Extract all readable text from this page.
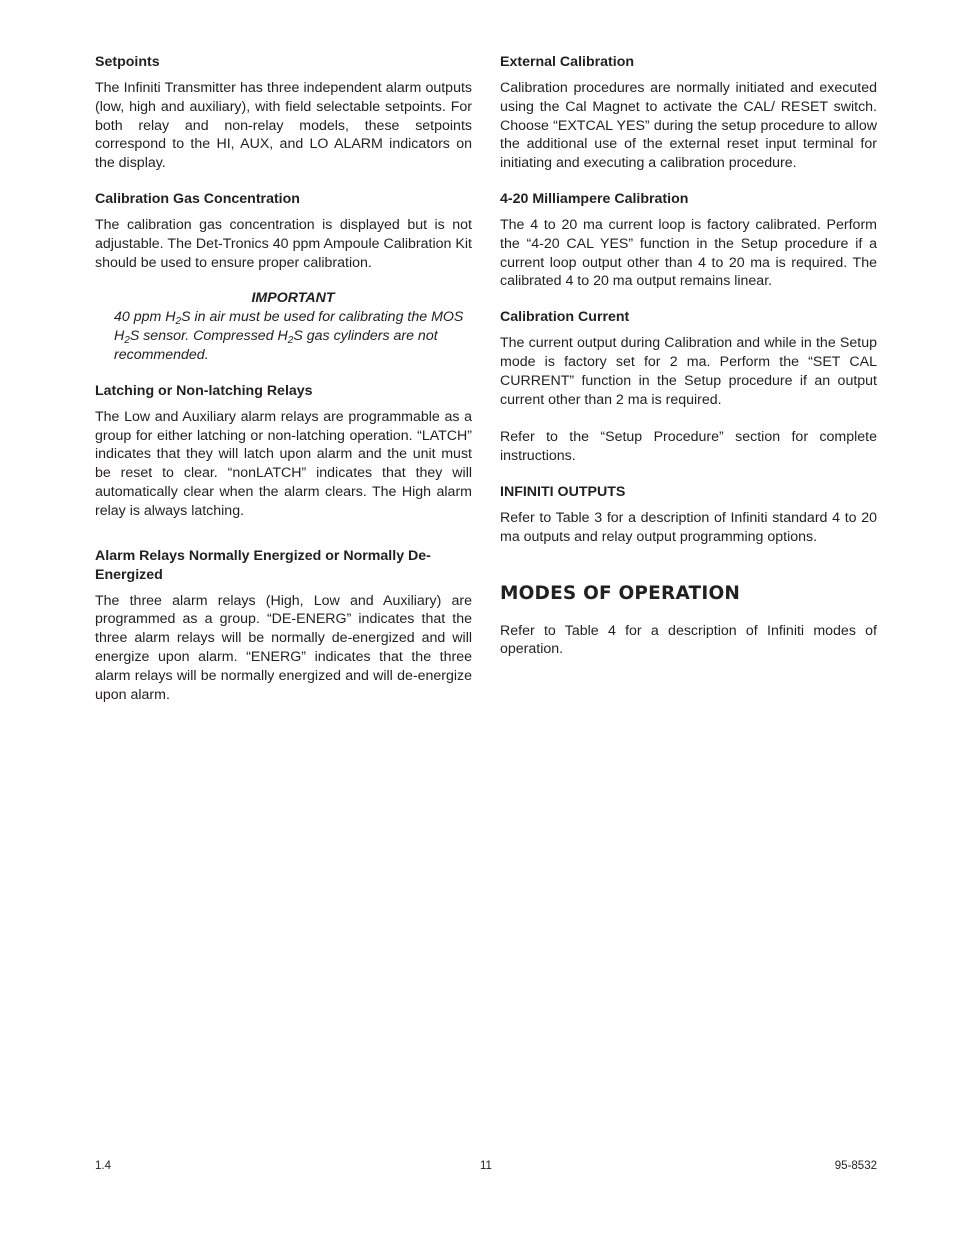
Setpoints

The Infiniti Transmitter has three independent alarm outputs (low, high and auxiliary), with field selectable setpoints. For both relay and non-relay models, these setpoints correspond to the HI, AUX, and LO ALARM indicators on the display.

Calibration Gas Concentration

The calibration gas concentration is displayed but is not adjustable. The Det-Tronics 40 ppm Ampoule Calibration Kit should be used to ensure proper calibration.

IMPORTANT

40 ppm $H_2S$ in air must be used for calibrating the MOS $H_2S$ sensor. Compressed $H_2S$ gas cylinders are not recommended.

Latching or Non-latching Relays

The Low and Auxiliary alarm relays are programmable as a group for either latching or non-latching operation. “LATCH” indicates that they will latch upon alarm and the unit must be reset to clear. “nonLATCH” indicates that they will automatically clear when the alarm clears. The High alarm relay is always latching.

Alarm Relays Normally Energized or Normally De-Energized

The three alarm relays (High, Low and Auxiliary) are programmed as a group. “DE-ENERG” indicates that the three alarm relays will be normally de-energized and will energize upon alarm. “ENERG” indicates that the three alarm relays will be normally energized and will de-energize upon alarm.

External Calibration

Calibration procedures are normally initiated and executed using the Cal Magnet to activate the CAL/ RESET switch. Choose “EXTCAL YES” during the setup procedure to allow the additional use of the external reset input terminal for initiating and executing a calibration procedure.

4-20 Milliampere Calibration

The 4 to 20 ma current loop is factory calibrated. Perform the “4-20 CAL YES” function in the Setup procedure if a current loop output other than 4 to 20 ma is required. The calibrated 4 to 20 ma output remains linear.

Calibration Current

The current output during Calibration and while in the Setup mode is factory set for 2 ma. Perform the “SET CAL CURRENT” function in the Setup procedure if an output current other than 2 ma is required.

Refer to the “Setup Procedure” section for complete instructions.

INFINITI OUTPUTS

Refer to Table 3 for a description of Infiniti standard 4 to 20 ma outputs and relay output programming options.

MODES OF OPERATION

Refer to Table 4 for a description of Infiniti modes of operation.

1.4	11	95-8532
